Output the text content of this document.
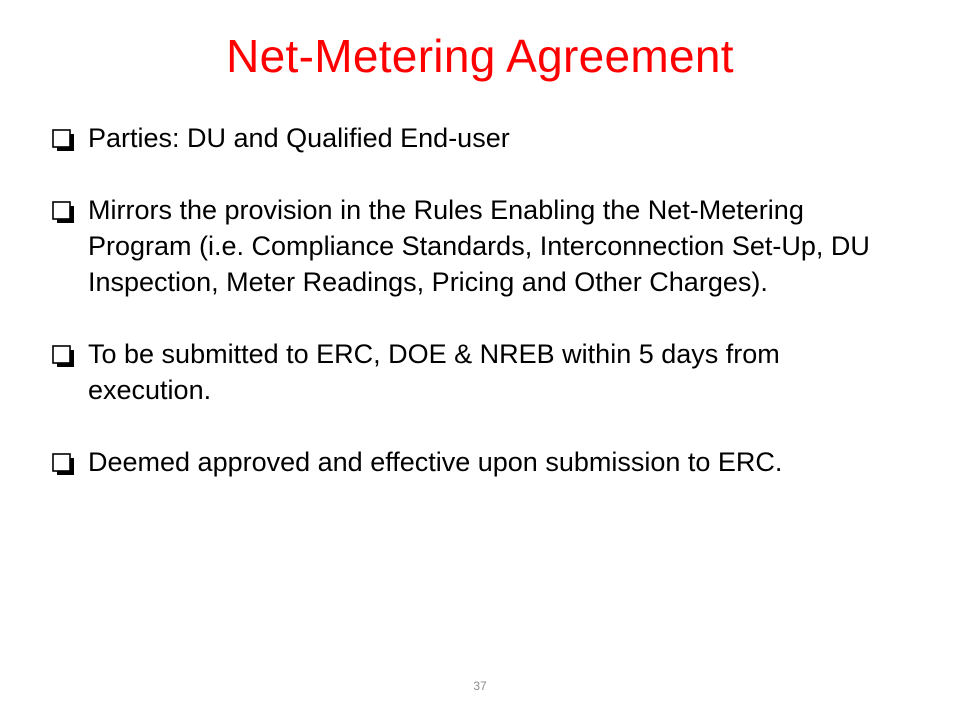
Net-Metering Agreement
Parties: DU and Qualified End-user
Mirrors the provision in the Rules Enabling the Net-Metering Program (i.e. Compliance Standards, Interconnection Set-Up, DU Inspection, Meter Readings, Pricing and Other Charges).
To be submitted to ERC, DOE & NREB within 5 days from execution.
Deemed approved and effective upon submission to ERC.
37
